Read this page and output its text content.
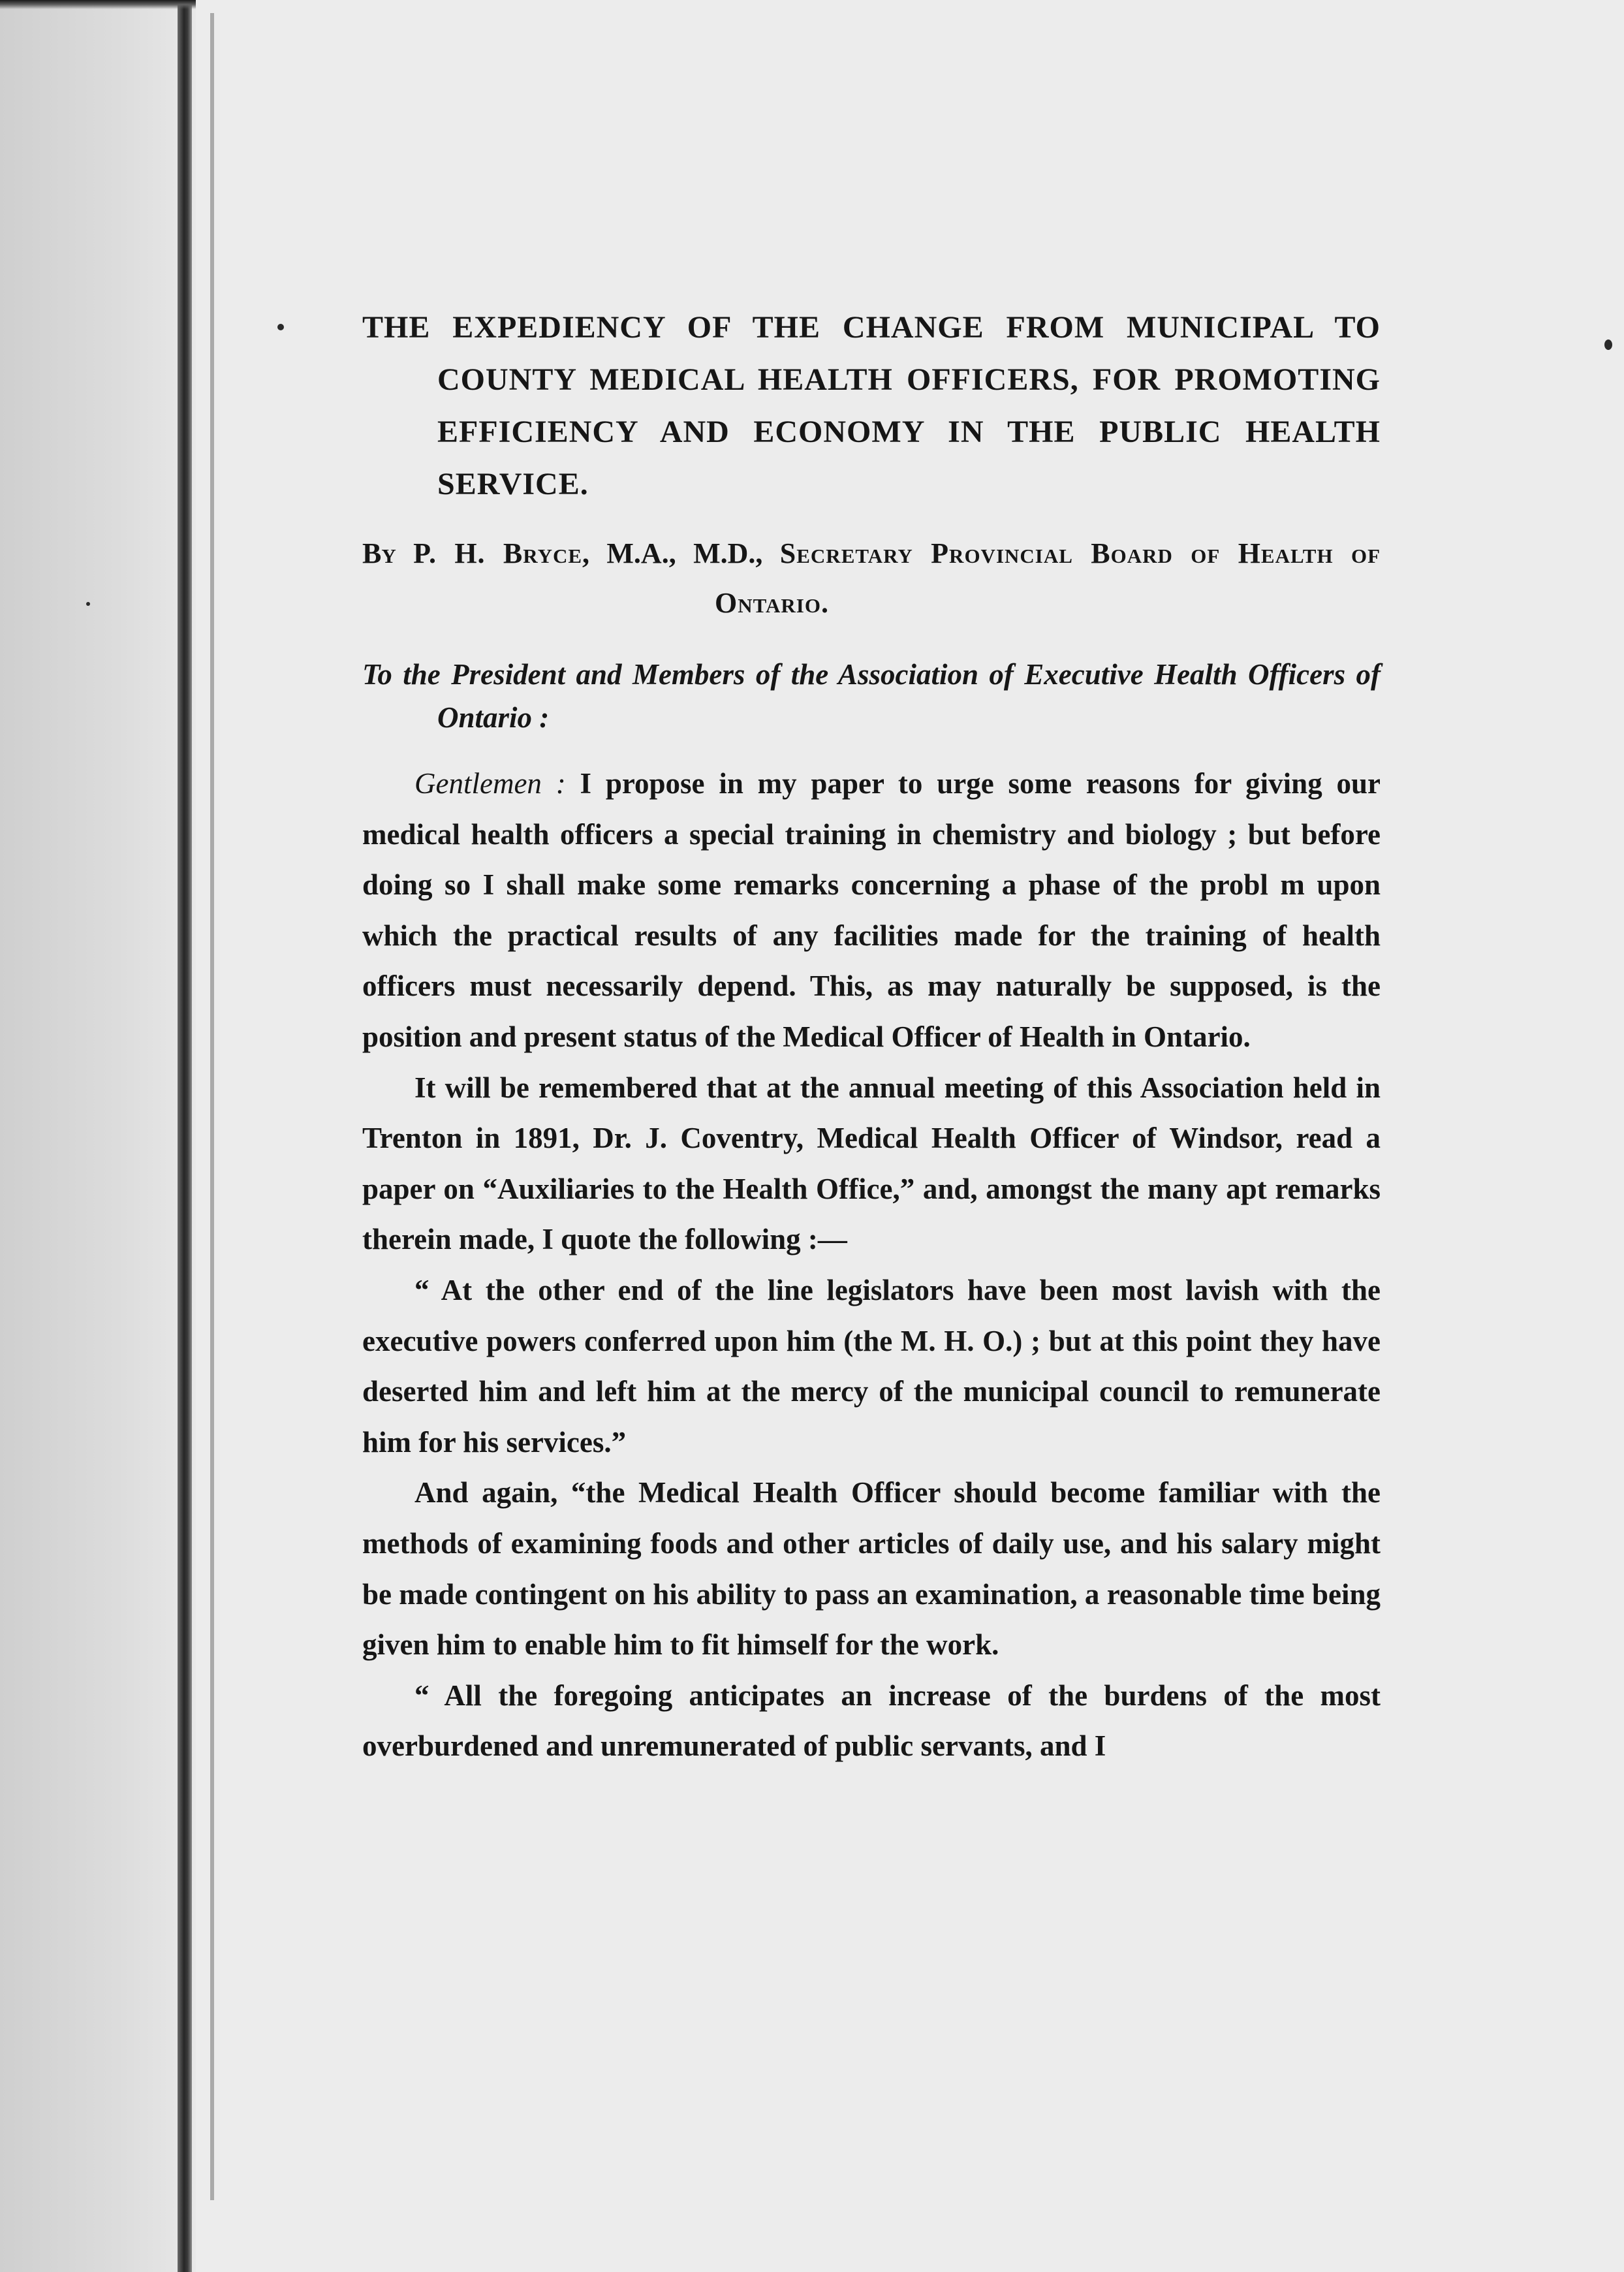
THE EXPEDIENCY OF THE CHANGE FROM MUNICIPAL TO COUNTY MEDICAL HEALTH OFFICERS, FOR PROMOTING EFFICIENCY AND ECONOMY IN THE PUBLIC HEALTH SERVICE.

By P. H. Bryce, M.A., M.D., Secretary Provincial Board of Health of Ontario.

To the President and Members of the Association of Executive Health Officers of Ontario :

Gentlemen : I propose in my paper to urge some reasons for giving our medical health officers a special training in chemistry and biology ; but before doing so I shall make some remarks concerning a phase of the probl m upon which the practical results of any facilities made for the training of health officers must necessarily depend. This, as may naturally be supposed, is the position and present status of the Medical Officer of Health in Ontario.

It will be remembered that at the annual meeting of this Association held in Trenton in 1891, Dr. J. Coventry, Medical Health Officer of Windsor, read a paper on “Auxiliaries to the Health Office,” and, amongst the many apt remarks therein made, I quote the following :—

“ At the other end of the line legislators have been most lavish with the executive powers conferred upon him (the M. H. O.) ; but at this point they have deserted him and left him at the mercy of the municipal council to remunerate him for his services.”

And again, “the Medical Health Officer should become familiar with the methods of examining foods and other articles of daily use, and his salary might be made contingent on his ability to pass an examination, a reasonable time being given him to enable him to fit himself for the work.

“ All the foregoing anticipates an increase of the burdens of the most overburdened and unremunerated of public servants, and I
